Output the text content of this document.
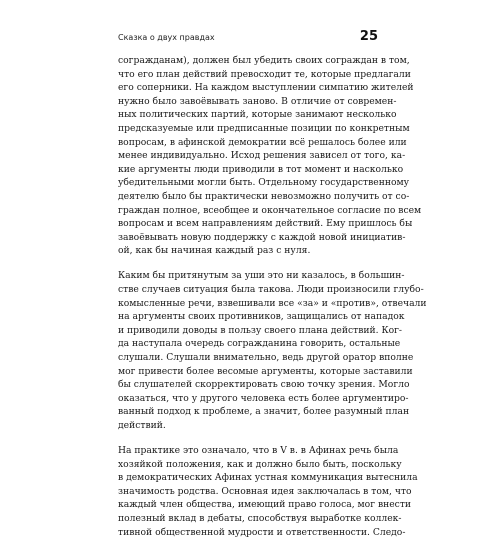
Сказка о двух правдах	25
согражданам), должен был убедить своих сограждан в том,
что его план действий превосходит те, которые предлагали
его соперники. На каждом выступлении симпатию жителей
нужно было завоёвывать заново. В отличие от современ-
ных политических партий, которые занимают несколько
предсказуемые или предписанные позиции по конкретным
вопросам, в афинской демократии всё решалось более или
менее индивидуально. Исход решения зависел от того, ка-
кие аргументы люди приводили в тот момент и насколько
убедительными могли быть. Отдельному государственному
деятелю было бы практически невозможно получить от со-
граждан полное, всеобщее и окончательное согласие по всем
вопросам и всем направлениям действий. Ему пришлось бы
завоёвывать новую поддержку с каждой новой инициатив-
ой, как бы начиная каждый раз с нуля.
Каким бы притянутым за уши это ни казалось, в большин-
стве случаев ситуация была такова. Люди произносили глубо-
комысленные речи, взвешивали все «за» и «против», отвечали
на аргументы своих противников, защищались от нападок
и приводили доводы в пользу своего плана действий. Ког-
да наступала очередь согражданина говорить, остальные
слушали. Слушали внимательно, ведь другой оратор вполне
мог привести более весомые аргументы, которые заставили
бы слушателей скорректировать свою точку зрения. Могло
оказаться, что у другого человека есть более аргументиро-
ванный подход к проблеме, а значит, более разумный план
действий.
На практике это означало, что в V в. в Афинах речь была
хозяйкой положения, как и должно было быть, поскольку
в демократических Афинах устная коммуникация вытеснила
значимость родства. Основная идея заключалась в том, что
каждый член общества, имеющий право голоса, мог внести
полезный вклад в дебаты, способствуя выработке коллек-
тивной общественной мудрости и ответственности. Следо-
